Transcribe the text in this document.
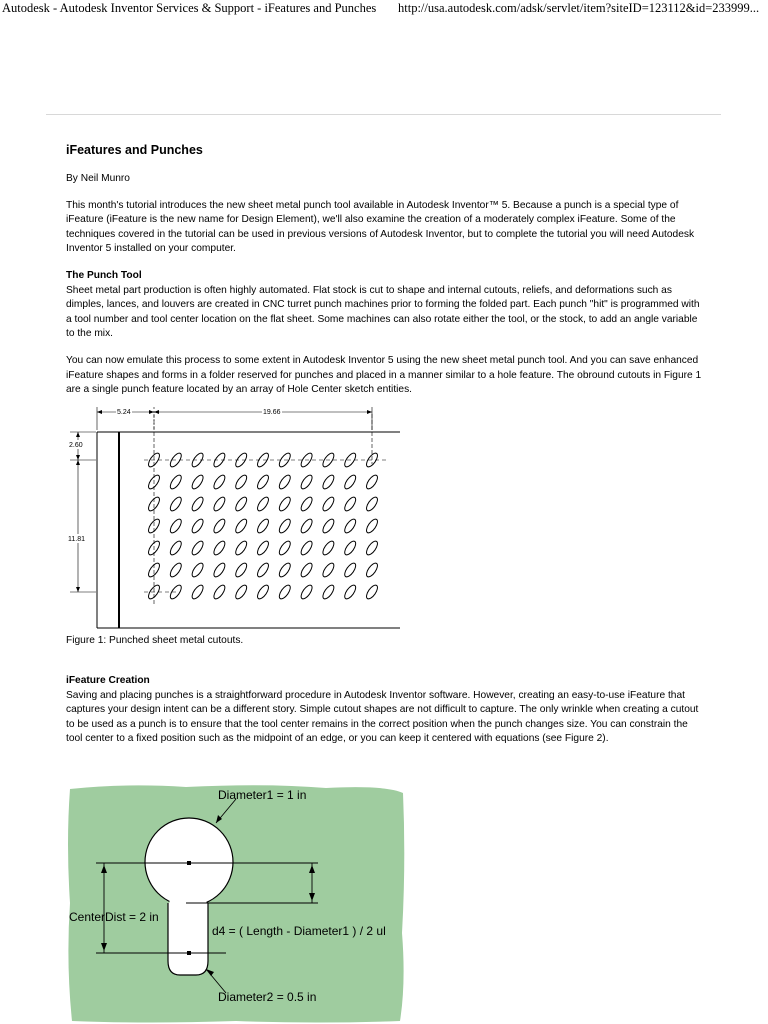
Autodesk - Autodesk Inventor Services & Support - iFeatures and Punches http://usa.autodesk.com/adsk/servlet/item?siteID=123112&id=233999...
iFeatures and Punches

By Neil Munro

This month's tutorial introduces the new sheet metal punch tool available in Autodesk Inventor™ 5. Because a punch is a special type of iFeature (iFeature is the new name for Design Element), we'll also examine the creation of a moderately complex iFeature. Some of the techniques covered in the tutorial can be used in previous versions of Autodesk Inventor, but to complete the tutorial you will need Autodesk Inventor 5 installed on your computer.

The Punch Tool

Sheet metal part production is often highly automated. Flat stock is cut to shape and internal cutouts, reliefs, and deformations such as dimples, lances, and louvers are created in CNC turret punch machines prior to forming the folded part. Each punch "hit" is programmed with a tool number and tool center location on the flat sheet. Some machines can also rotate either the tool, or the stock, to add an angle variable to the mix.

You can now emulate this process to some extent in Autodesk Inventor 5 using the new sheet metal punch tool. And you can save enhanced iFeature shapes and forms in a folder reserved for punches and placed in a manner similar to a hole feature. The obround cutouts in Figure 1 are a single punch feature located by an array of Hole Center sketch entities.

5.24	19.66
2.60
11.81
Figure 1: Punched sheet metal cutouts.
iFeature Creation

Saving and placing punches is a straightforward procedure in Autodesk Inventor software. However, creating an easy-to-use iFeature that captures your design intent can be a different story. Simple cutout shapes are not difficult to capture. The only wrinkle when creating a cutout to be used as a punch is to ensure that the tool center remains in the correct position when the punch changes size. You can constrain the tool center to a fixed position such as the midpoint of an edge, or you can keep it centered with equations (see Figure 2).

Diameter1 = 1 in
CenterDist = 2 in
d4 = ( Length - Diameter1 ) / 2 ul
Diameter2 = 0.5 in
